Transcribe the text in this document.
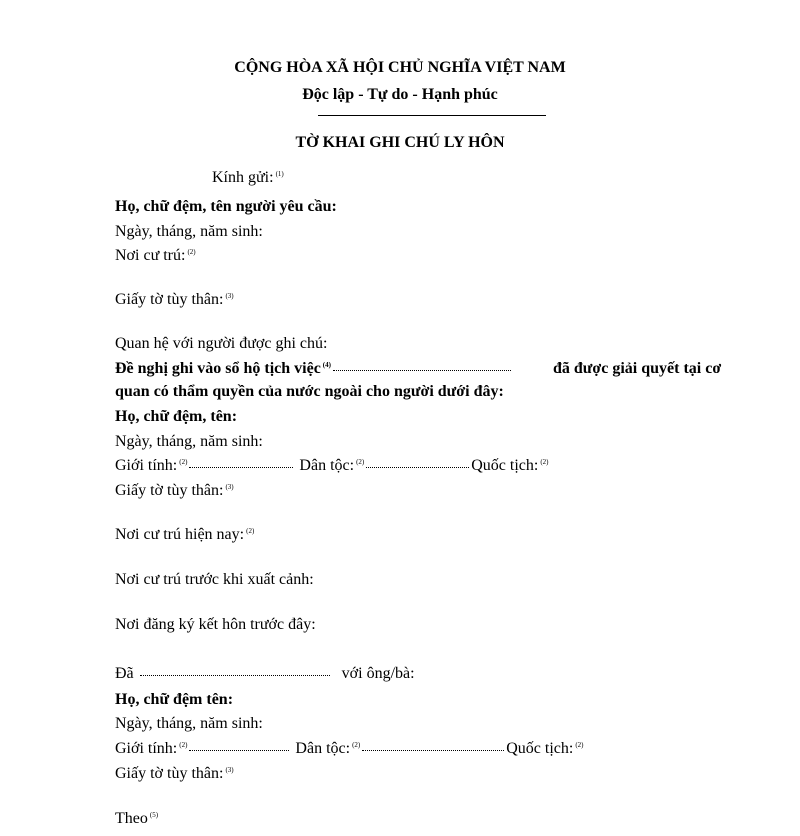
CỘNG HÒA XÃ HỘI CHỦ NGHĨA VIỆT NAM
Độc lập - Tự do - Hạnh phúc
TỜ KHAI GHI CHÚ LY HÔN
Kính gửi: $^{(1)}$
Họ, chữ đệm, tên người yêu cầu:
Ngày, tháng, năm sinh:
Nơi cư trú: $^{(2)}$
Giấy tờ tùy thân: $^{(3)}$
Quan hệ với người được ghi chú:
Đề nghị ghi vào sổ hộ tịch việc $^{(4)}$	đã được giải quyết tại cơ
quan có thẩm quyền của nước ngoài cho người dưới đây:
Họ, chữ đệm, tên:
Ngày, tháng, năm sinh:
Giới tính: $^{(2)}$	Dân tộc: $^{(2)}$	Quốc tịch: $^{(2)}$
Giấy tờ tùy thân: $^{(3)}$
Nơi cư trú hiện nay: $^{(2)}$
Nơi cư trú trước khi xuất cảnh:
Nơi đăng ký kết hôn trước đây:
Đã	với ông/bà:
Họ, chữ đệm tên:
Ngày, tháng, năm sinh:
Giới tính: $^{(2)}$	Dân tộc: $^{(2)}$	Quốc tịch: $^{(2)}$
Giấy tờ tùy thân: $^{(3)}$
Theo $^{(5)}$
